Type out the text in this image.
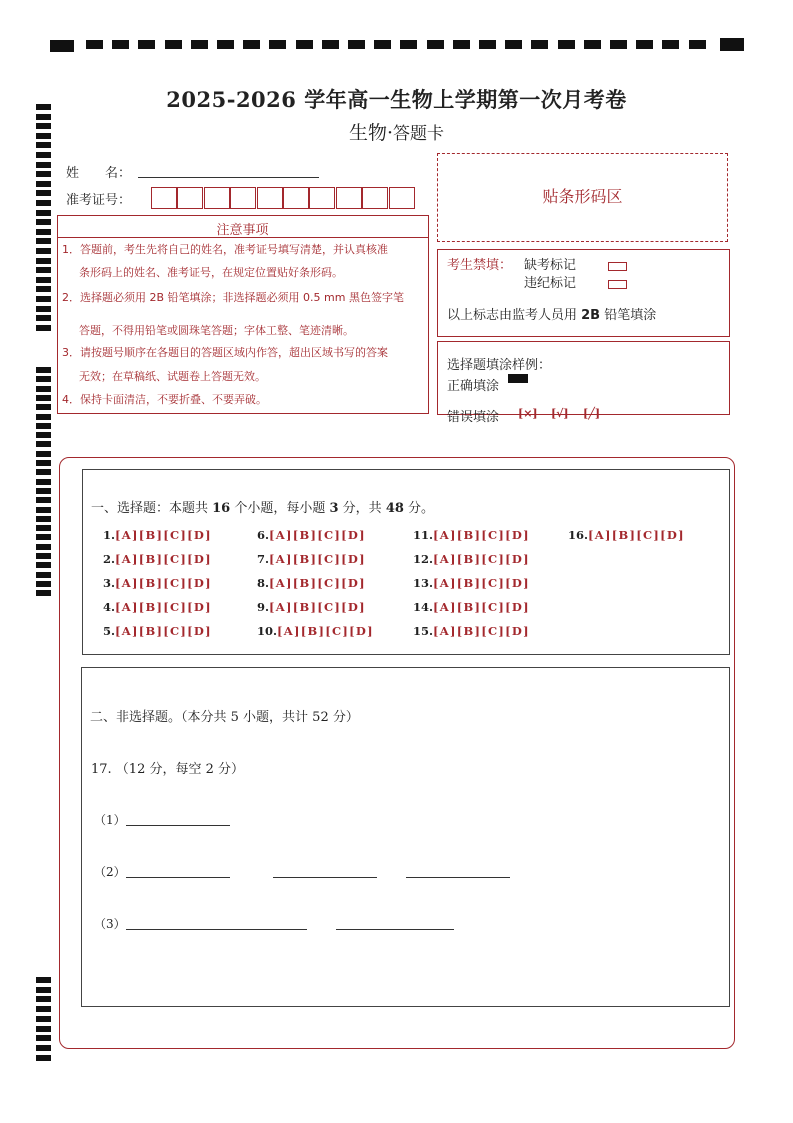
2025-2026 学年高一生物上学期第一次月考卷
生物·答题卡
姓　　名：
准考证号：	贴条形码区
注意事项
1．答题前，考生先将自己的姓名，准考证号填写清楚，并认真核准
条形码上的姓名、准考证号，在规定位置贴好条形码。
2．选择题必须用 2B 铅笔填涂；非选择题必须用 0.5 mm 黑色签字笔
答题，不得用铅笔或圆珠笔答题；字体工整、笔迹清晰。
3．请按题号顺序在各题目的答题区域内作答，超出区域书写的答案
无效；在草稿纸、试题卷上答题无效。
4．保持卡面清洁，不要折叠、不要弄破。
考生禁填： 缺考标记
违纪标记
以上标志由监考人员用 2B 铅笔填涂
选择题填涂样例：
正确填涂
错误填涂 [×] [√] [╱]
一、选择题：本题共 16 个小题，每小题 3 分，共 48 分。
1.[A][B][C][D]
2.[A][B][C][D]
3.[A][B][C][D]
4.[A][B][C][D]
5.[A][B][C][D]
6.[A][B][C][D]
7.[A][B][C][D]
8.[A][B][C][D]
9.[A][B][C][D]
10.[A][B][C][D]
11.[A][B][C][D]
12.[A][B][C][D]
13.[A][B][C][D]
14.[A][B][C][D]
15.[A][B][C][D]
16.[A][B][C][D]
二、非选择题。（本分共 5 小题，共计 52 分）
17. （12 分，每空 2 分）
（1）
（2）
（3）
